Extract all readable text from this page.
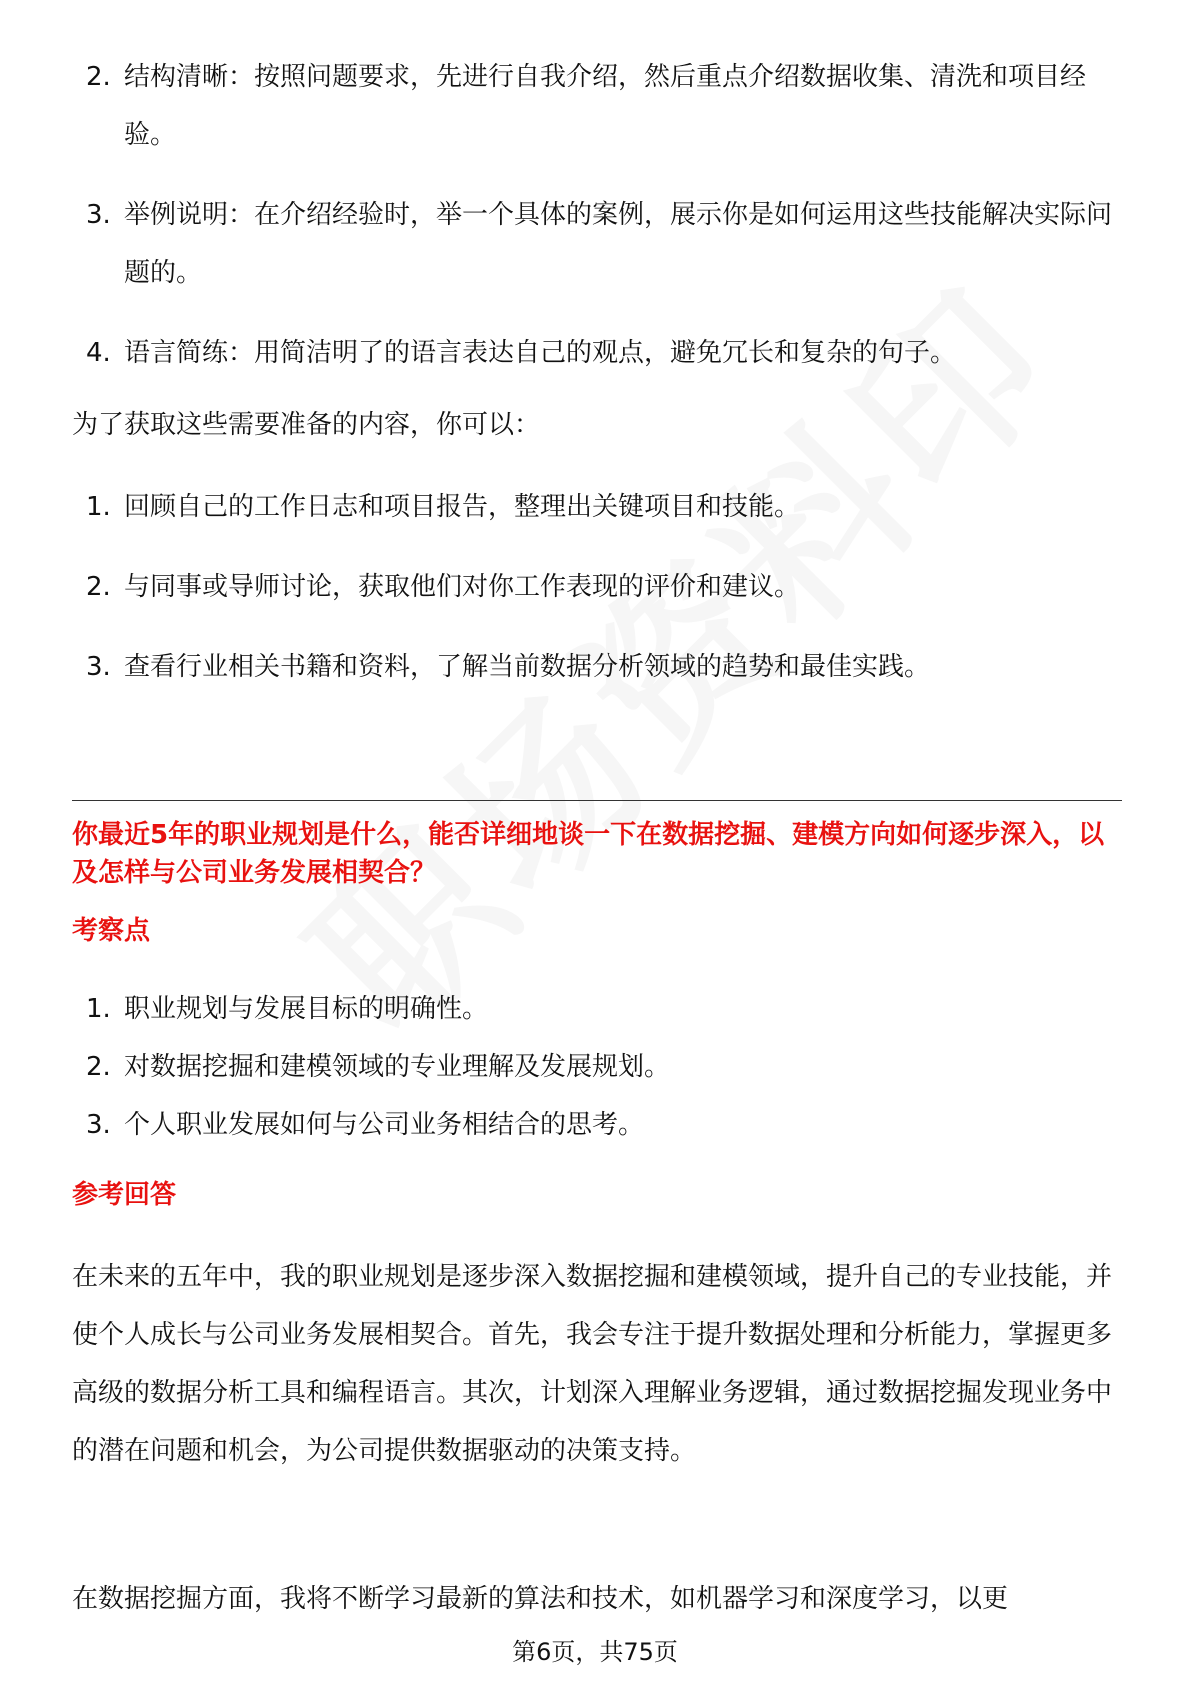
2. 结构清晰：按照问题要求，先进行自我介绍，然后重点介绍数据收集、清洗和项目经验。
3. 举例说明：在介绍经验时，举一个具体的案例，展示你是如何运用这些技能解决实际问题的。
4. 语言简练：用简洁明了的语言表达自己的观点，避免冗长和复杂的句子。

为了获取这些需要准备的内容，你可以：

1. 回顾自己的工作日志和项目报告，整理出关键项目和技能。
2. 与同事或导师讨论，获取他们对你工作表现的评价和建议。
3. 查看行业相关书籍和资料，了解当前数据分析领域的趋势和最佳实践。
你最近5年的职业规划是什么，能否详细地谈一下在数据挖掘、建模方向如何逐步深入，以及怎样与公司业务发展相契合？
考察点
1. 职业规划与发展目标的明确性。
2. 对数据挖掘和建模领域的专业理解及发展规划。
3. 个人职业发展如何与公司业务相结合的思考。
参考回答

在未来的五年中，我的职业规划是逐步深入数据挖掘和建模领域，提升自己的专业技能，并使个人成长与公司业务发展相契合。首先，我会专注于提升数据处理和分析能力，掌握更多高级的数据分析工具和编程语言。其次，计划深入理解业务逻辑，通过数据挖掘发现业务中的潜在问题和机会，为公司提供数据驱动的决策支持。

在数据挖掘方面，我将不断学习最新的算法和技术，如机器学习和深度学习，以更

第6页，共75页
